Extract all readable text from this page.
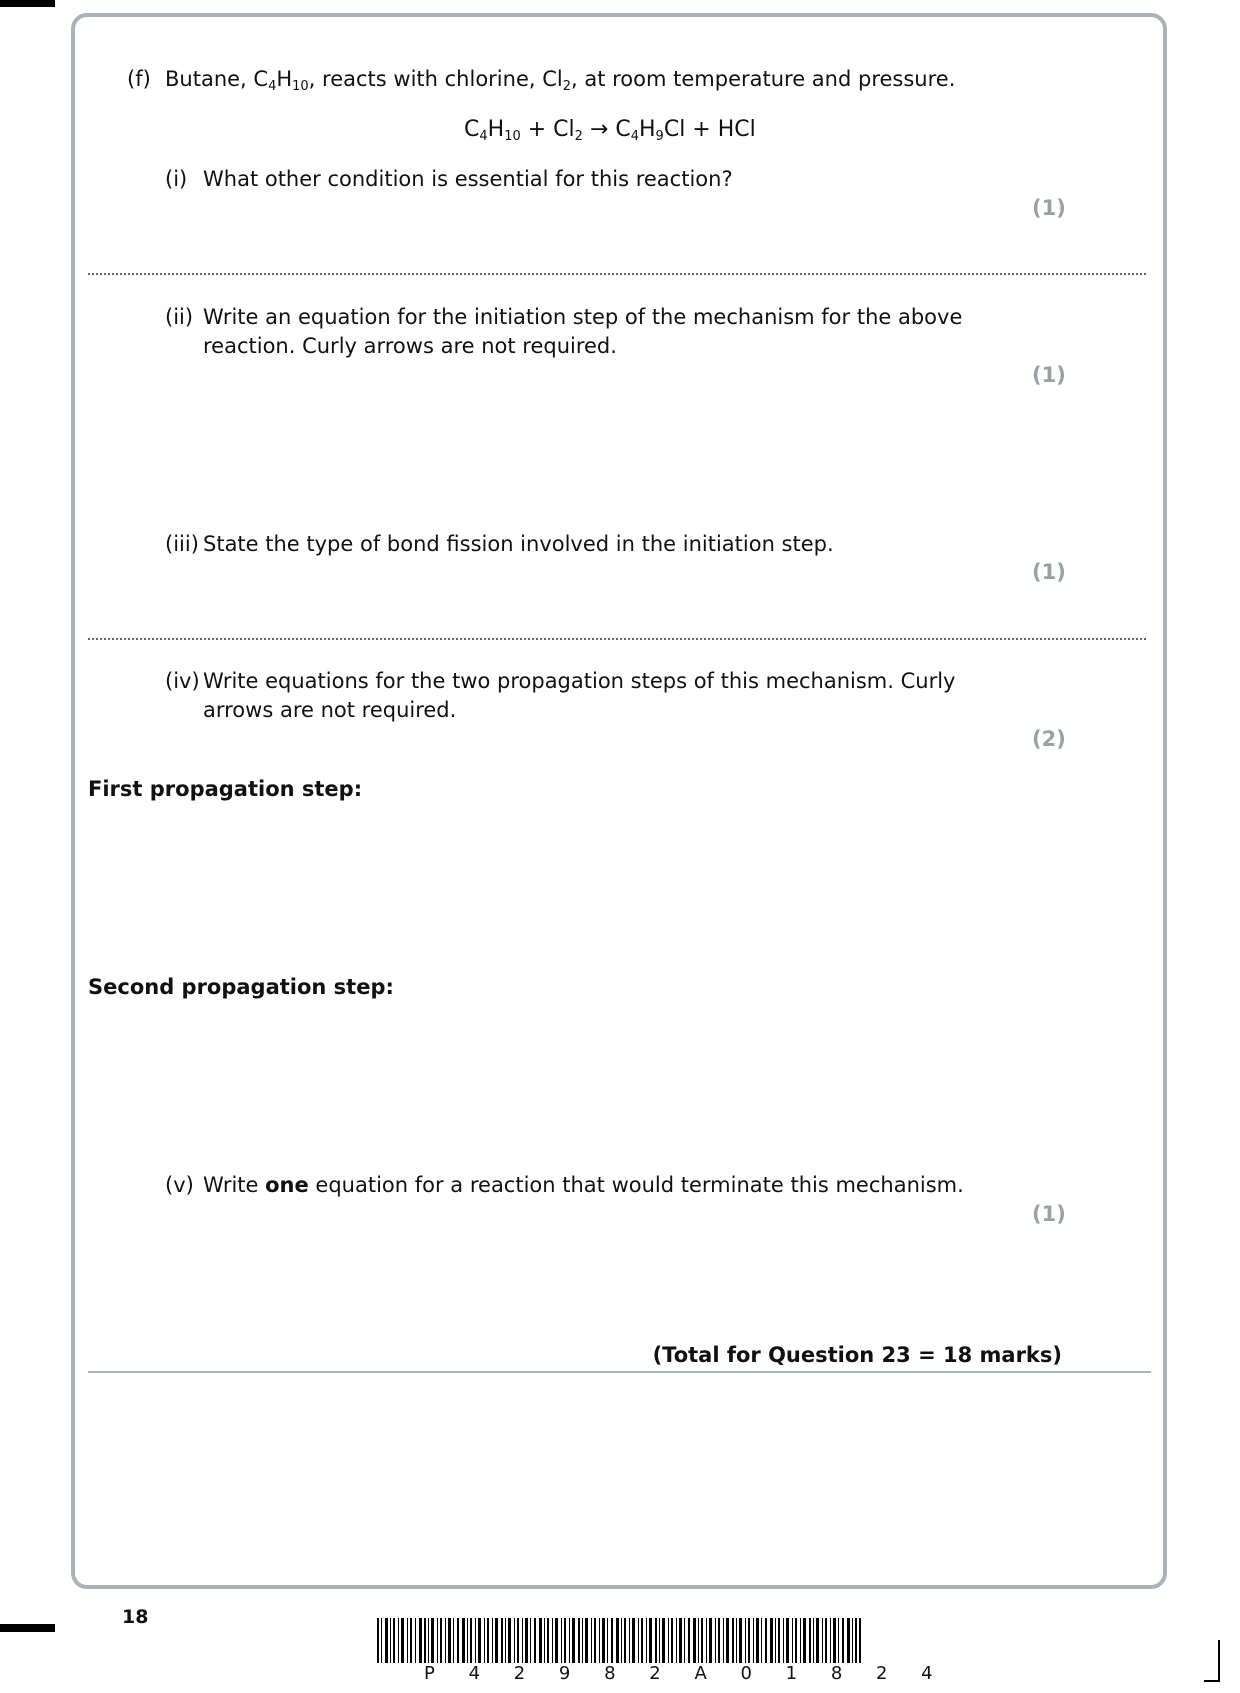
(f) Butane, $C_4H_{10}$, reacts with chlorine, $Cl_2$, at room temperature and pressure.
$C_4H_{10} + Cl_2 \to C_4H_9Cl$ + HCl
(i) What other condition is essential for this reaction?
(1)
(ii) Write an equation for the initiation step of the mechanism for the above
reaction. Curly arrows are not required.
(1)
(iii) State the type of bond fission involved in the initiation step.
(1)
(iv) Write equations for the two propagation steps of this mechanism. Curly
arrows are not required.
(2)
First propagation step:
Second propagation step:
(v) Write one equation for a reaction that would terminate this mechanism.
(1)
(Total for Question 23 = 18 marks)
18
P 4 2 9 8 2 A 0 1 8 2 4
